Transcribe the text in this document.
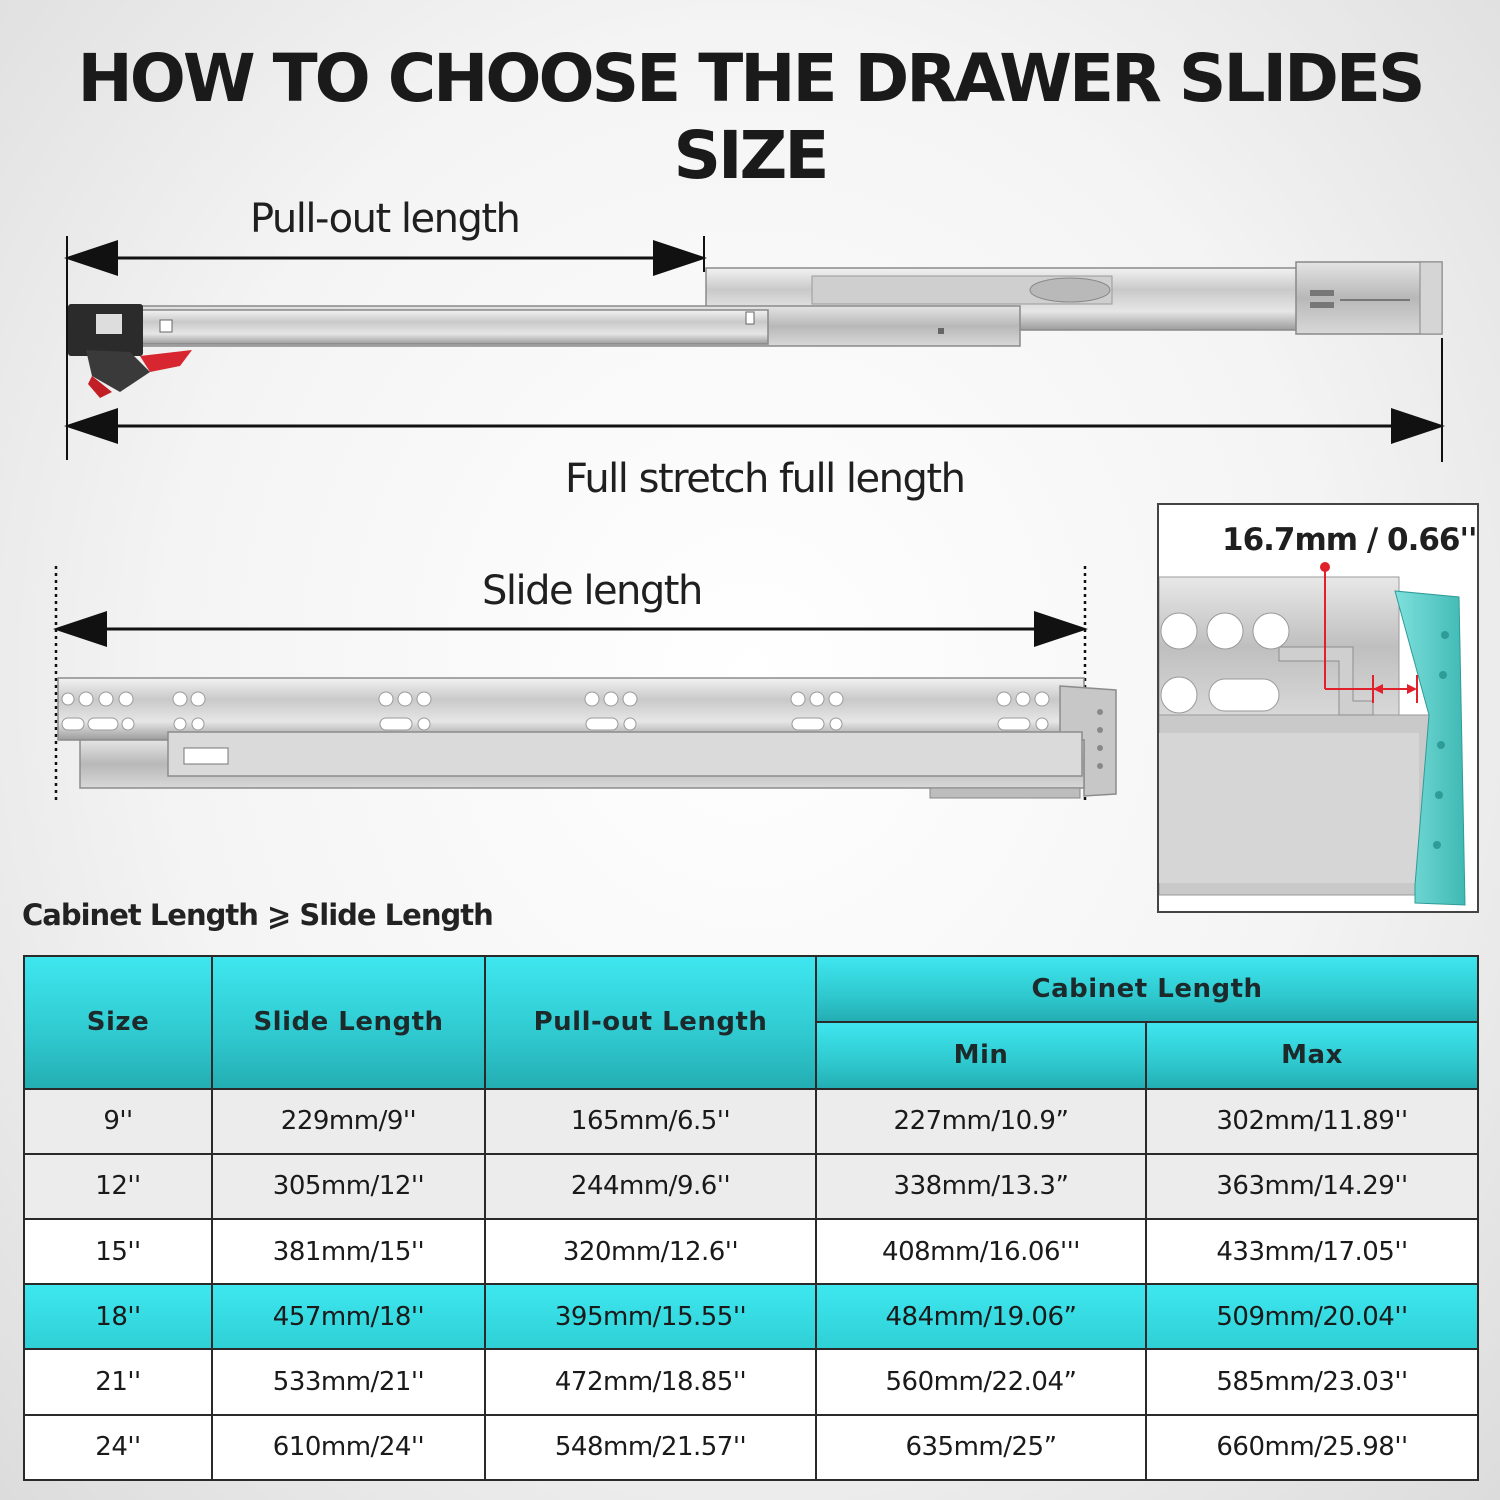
HOW TO CHOOSE THE DRAWER SLIDES SIZE
Pull-out length
Full stretch full length
Slide length
16.7mm / 0.66''
Cabinet Length ⩾ Slide Length
Size	Slide Length	Pull-out Length	Cabinet Length	
			Min	Max
9''	229mm/9''	165mm/6.5''	227mm/10.9”	302mm/11.89''
12''	305mm/12''	244mm/9.6''	338mm/13.3”	363mm/14.29''
15''	381mm/15''	320mm/12.6''	408mm/16.06'''	433mm/17.05''
18''	457mm/18''	395mm/15.55''	484mm/19.06”	509mm/20.04''
21''	533mm/21''	472mm/18.85''	560mm/22.04”	585mm/23.03''
24''	610mm/24''	548mm/21.57''	635mm/25”	660mm/25.98''
